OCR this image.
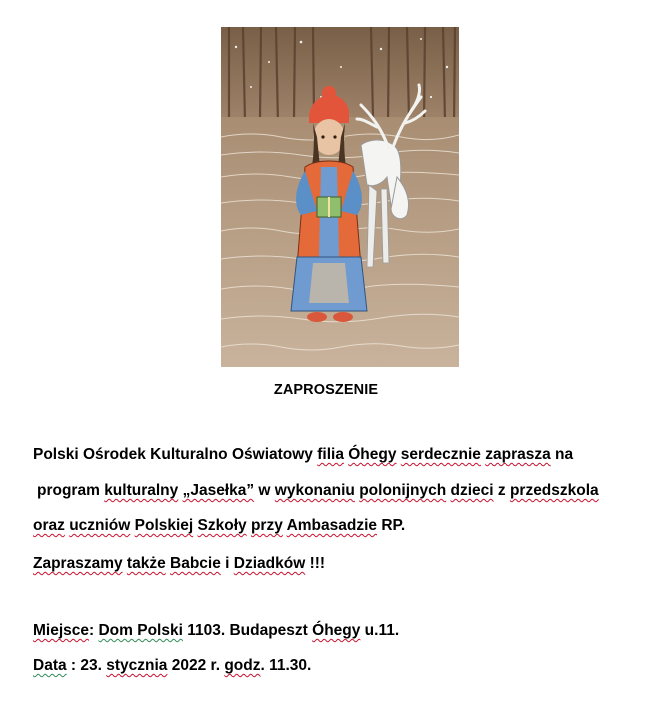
ZAPROSZENIE
Polski Ośrodek Kulturalno Oświatowy filia Óhegy serdecznie zaprasza na
program kulturalny „Jasełka” w wykonaniu polonijnych dzieci z przedszkola
oraz uczniów Polskiej Szkoły przy Ambasadzie RP.
Zapraszamy także Babcie i Dziadków !!!
Miejsce: Dom Polski 1103. Budapeszt Óhegy u.11.
Data : 23. stycznia 2022 r. godz. 11.30.
